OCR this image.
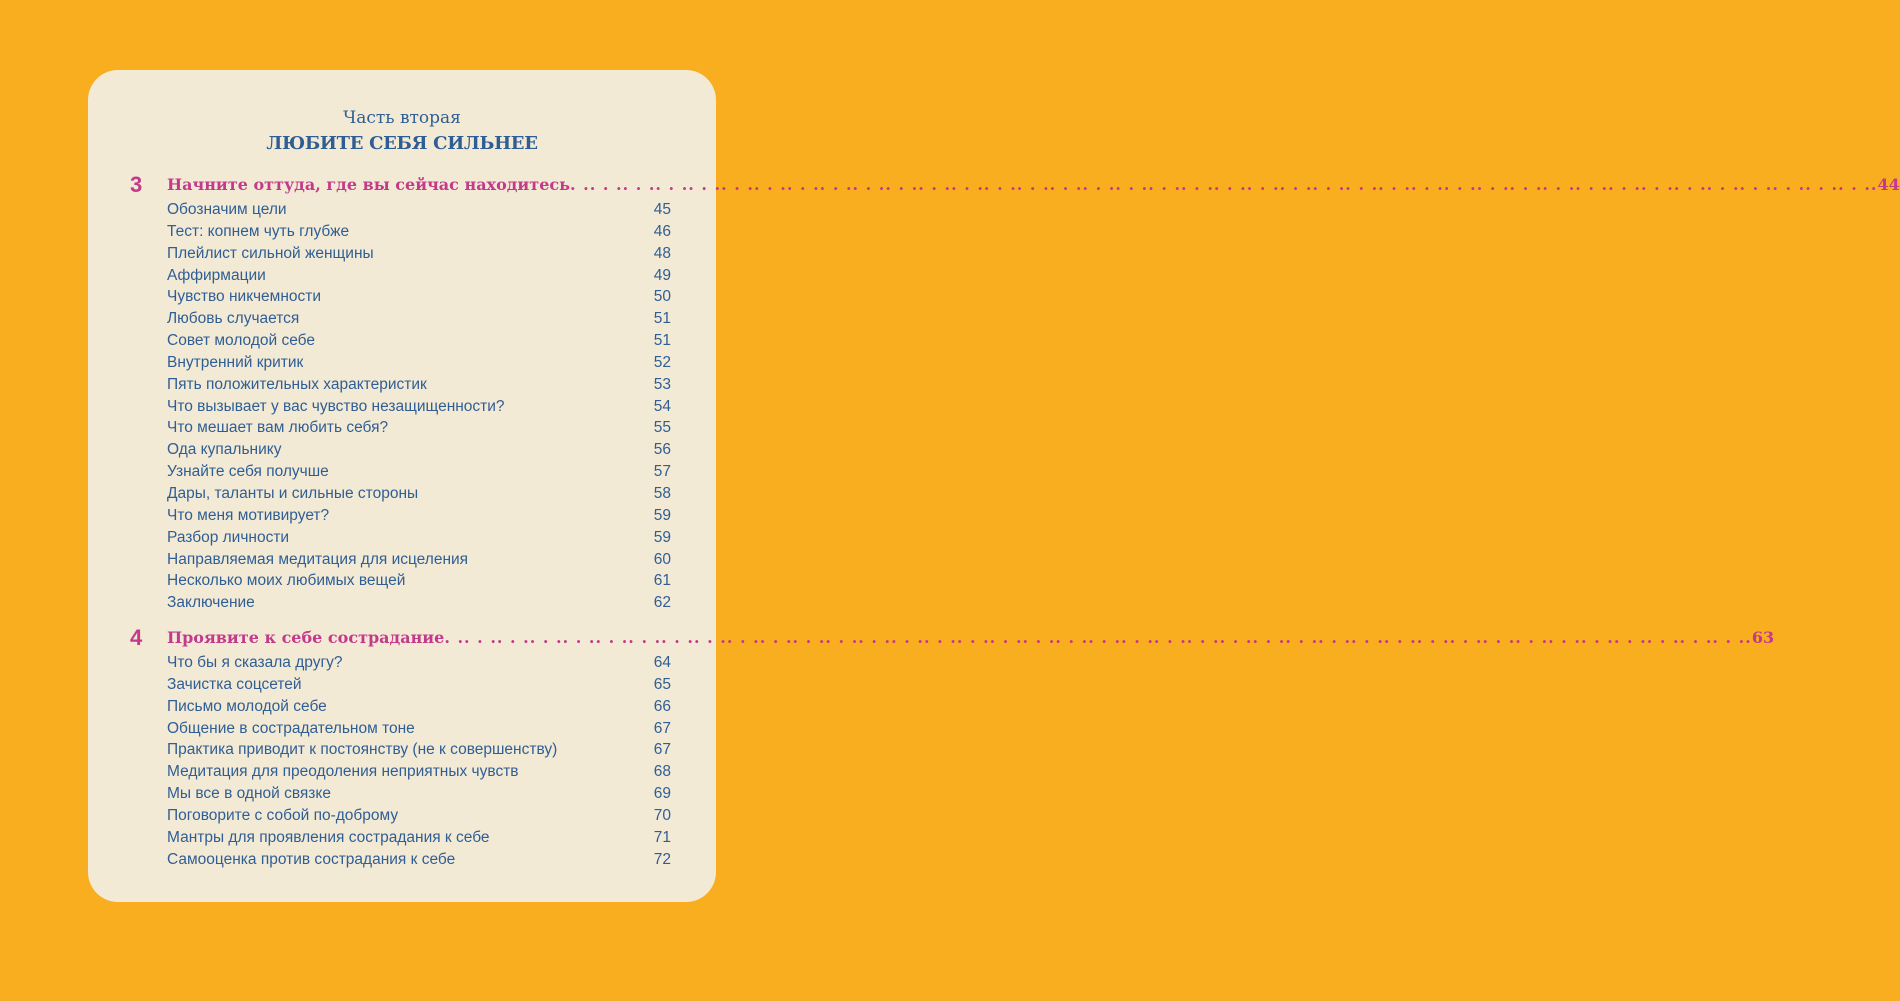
Часть вторая
ЛЮБИТЕ СЕБЯ СИЛЬНЕЕ
3 Начните оттуда, где вы сейчас находитесь . .. . .. . .. . .. . .. . .. . .. . .. . .. . .. . .. . .. . .. . .. . .. . .. . .. . .. . .. . .. . .. . .. . .. . .. . .. . .. . .. . .. . .. . .. . .. . .. . .. . .. . .. . .. . .. . .. . .. . .. 44
Обозначим цели	45
Тест: копнем чуть глубже	46
Плейлист сильной женщины	48
Аффирмации	49
Чувство никчемности	50
Любовь случается	51
Совет молодой себе	51
Внутренний критик	52
Пять положительных характеристик	53
Что вызывает у вас чувство незащищенности?	54
Что мешает вам любить себя?	55
Ода купальнику	56
Узнайте себя получше	57
Дары, таланты и сильные стороны	58
Что меня мотивирует?	59
Разбор личности	59
Направляемая медитация для исцеления	60
Несколько моих любимых вещей	61
Заключение	62
4 Проявите к себе сострадание . .. . .. . .. . .. . .. . .. . .. . .. . .. . .. . .. . .. . .. . .. . .. . .. . .. . .. . .. . .. . .. . .. . .. . .. . .. . .. . .. . .. . .. . .. . .. . .. . .. . .. . .. . .. . .. . .. . .. . .. 63
Что бы я сказала другу?	64
Зачистка соцсетей	65
Письмо молодой себе	66
Общение в сострадательном тоне	67
Практика приводит к постоянству (не к совершенству)	67
Медитация для преодоления неприятных чувств	68
Мы все в одной связке	69
Поговорите с собой по-доброму	70
Мантры для проявления сострадания к себе	71
Самооценка против сострадания к себе	72
